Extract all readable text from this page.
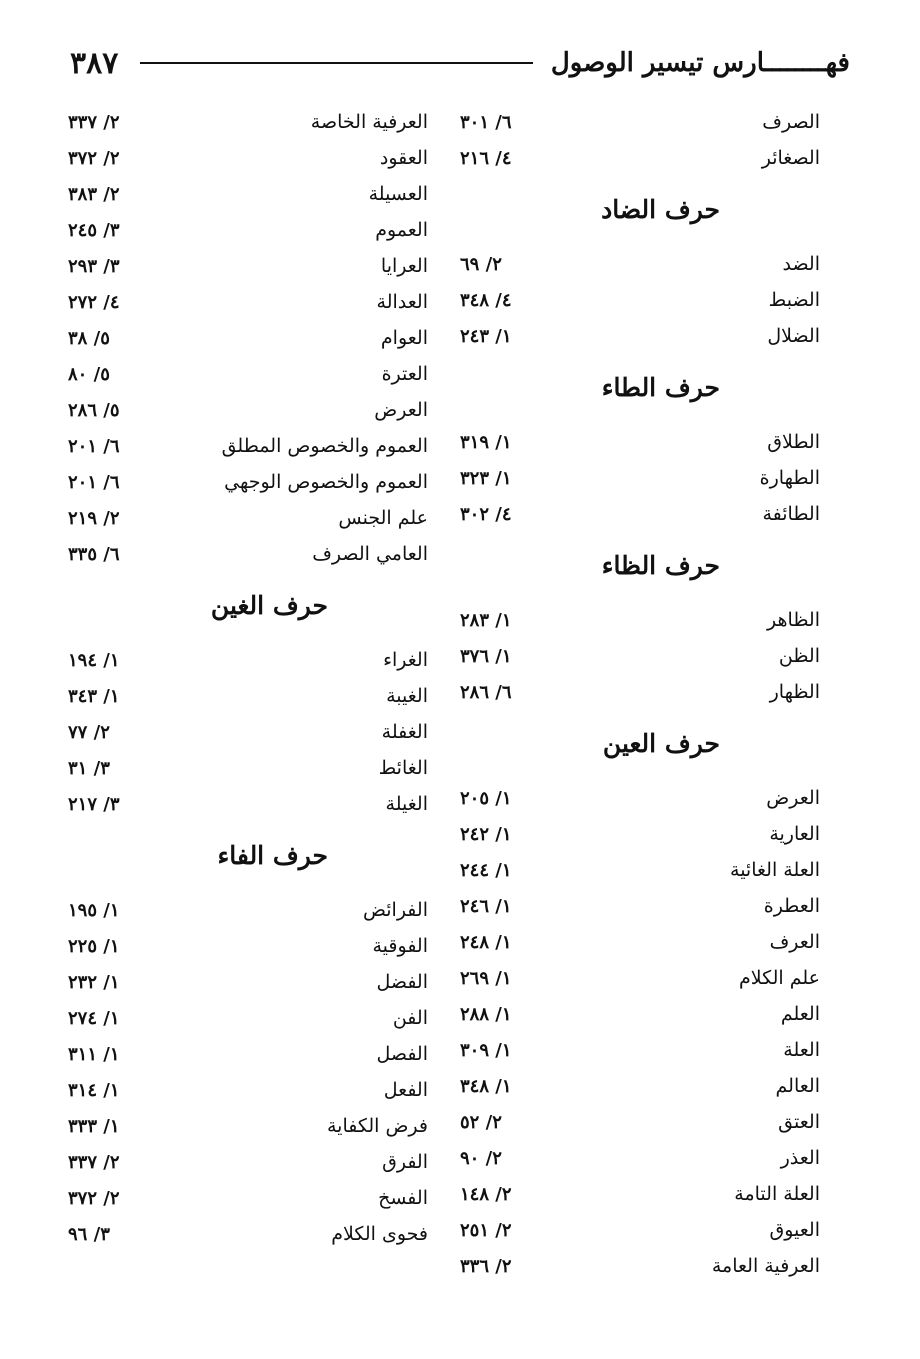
فهــــــــارس تيسير الوصول
٣٨٧
الصرف
٦/ ٣٠١
الصغائر
٤/ ٢١٦
حرف الضاد
الضد
٢/ ٦٩
الضبط
٤/ ٣٤٨
الضلال
١/ ٢٤٣
حرف الطاء
الطلاق
١/ ٣١٩
الطهارة
١/ ٣٢٣
الطائفة
٤/ ٣٠٢
حرف الظاء
الظاهر
١/ ٢٨٣
الظن
١/ ٣٧٦
الظهار
٦/ ٢٨٦
حرف العين
العرض
١/ ٢٠٥
العارية
١/ ٢٤٢
العلة الغائية
١/ ٢٤٤
العطرة
١/ ٢٤٦
العرف
١/ ٢٤٨
علم الكلام
١/ ٢٦٩
العلم
١/ ٢٨٨
العلة
١/ ٣٠٩
العالم
١/ ٣٤٨
العتق
٢/ ٥٢
العذر
٢/ ٩٠
العلة التامة
٢/ ١٤٨
العيوق
٢/ ٢٥١
العرفية العامة
٢/ ٣٣٦
العرفية الخاصة
٢/ ٣٣٧
العقود
٢/ ٣٧٢
العسيلة
٢/ ٣٨٣
العموم
٣/ ٢٤٥
العرايا
٣/ ٢٩٣
العدالة
٤/ ٢٧٢
العوام
٥/ ٣٨
العترة
٥/ ٨٠
العرض
٥/ ٢٨٦
العموم والخصوص المطلق
٦/ ٢٠١
العموم والخصوص الوجهي
٦/ ٢٠١
علم الجنس
٢/ ٢١٩
العامي الصرف
٦/ ٣٣٥
حرف الغين
الغراء
١/ ١٩٤
الغيبة
١/ ٣٤٣
الغفلة
٢/ ٧٧
الغائط
٣/ ٣١
الغيلة
٣/ ٢١٧
حرف الفاء
الفرائض
١/ ١٩٥
الفوقية
١/ ٢٢٥
الفضل
١/ ٢٣٢
الفن
١/ ٢٧٤
الفصل
١/ ٣١١
الفعل
١/ ٣١٤
فرض الكفاية
١/ ٣٣٣
الفرق
٢/ ٣٣٧
الفسخ
٢/ ٣٧٢
فحوى الكلام
٣/ ٩٦
